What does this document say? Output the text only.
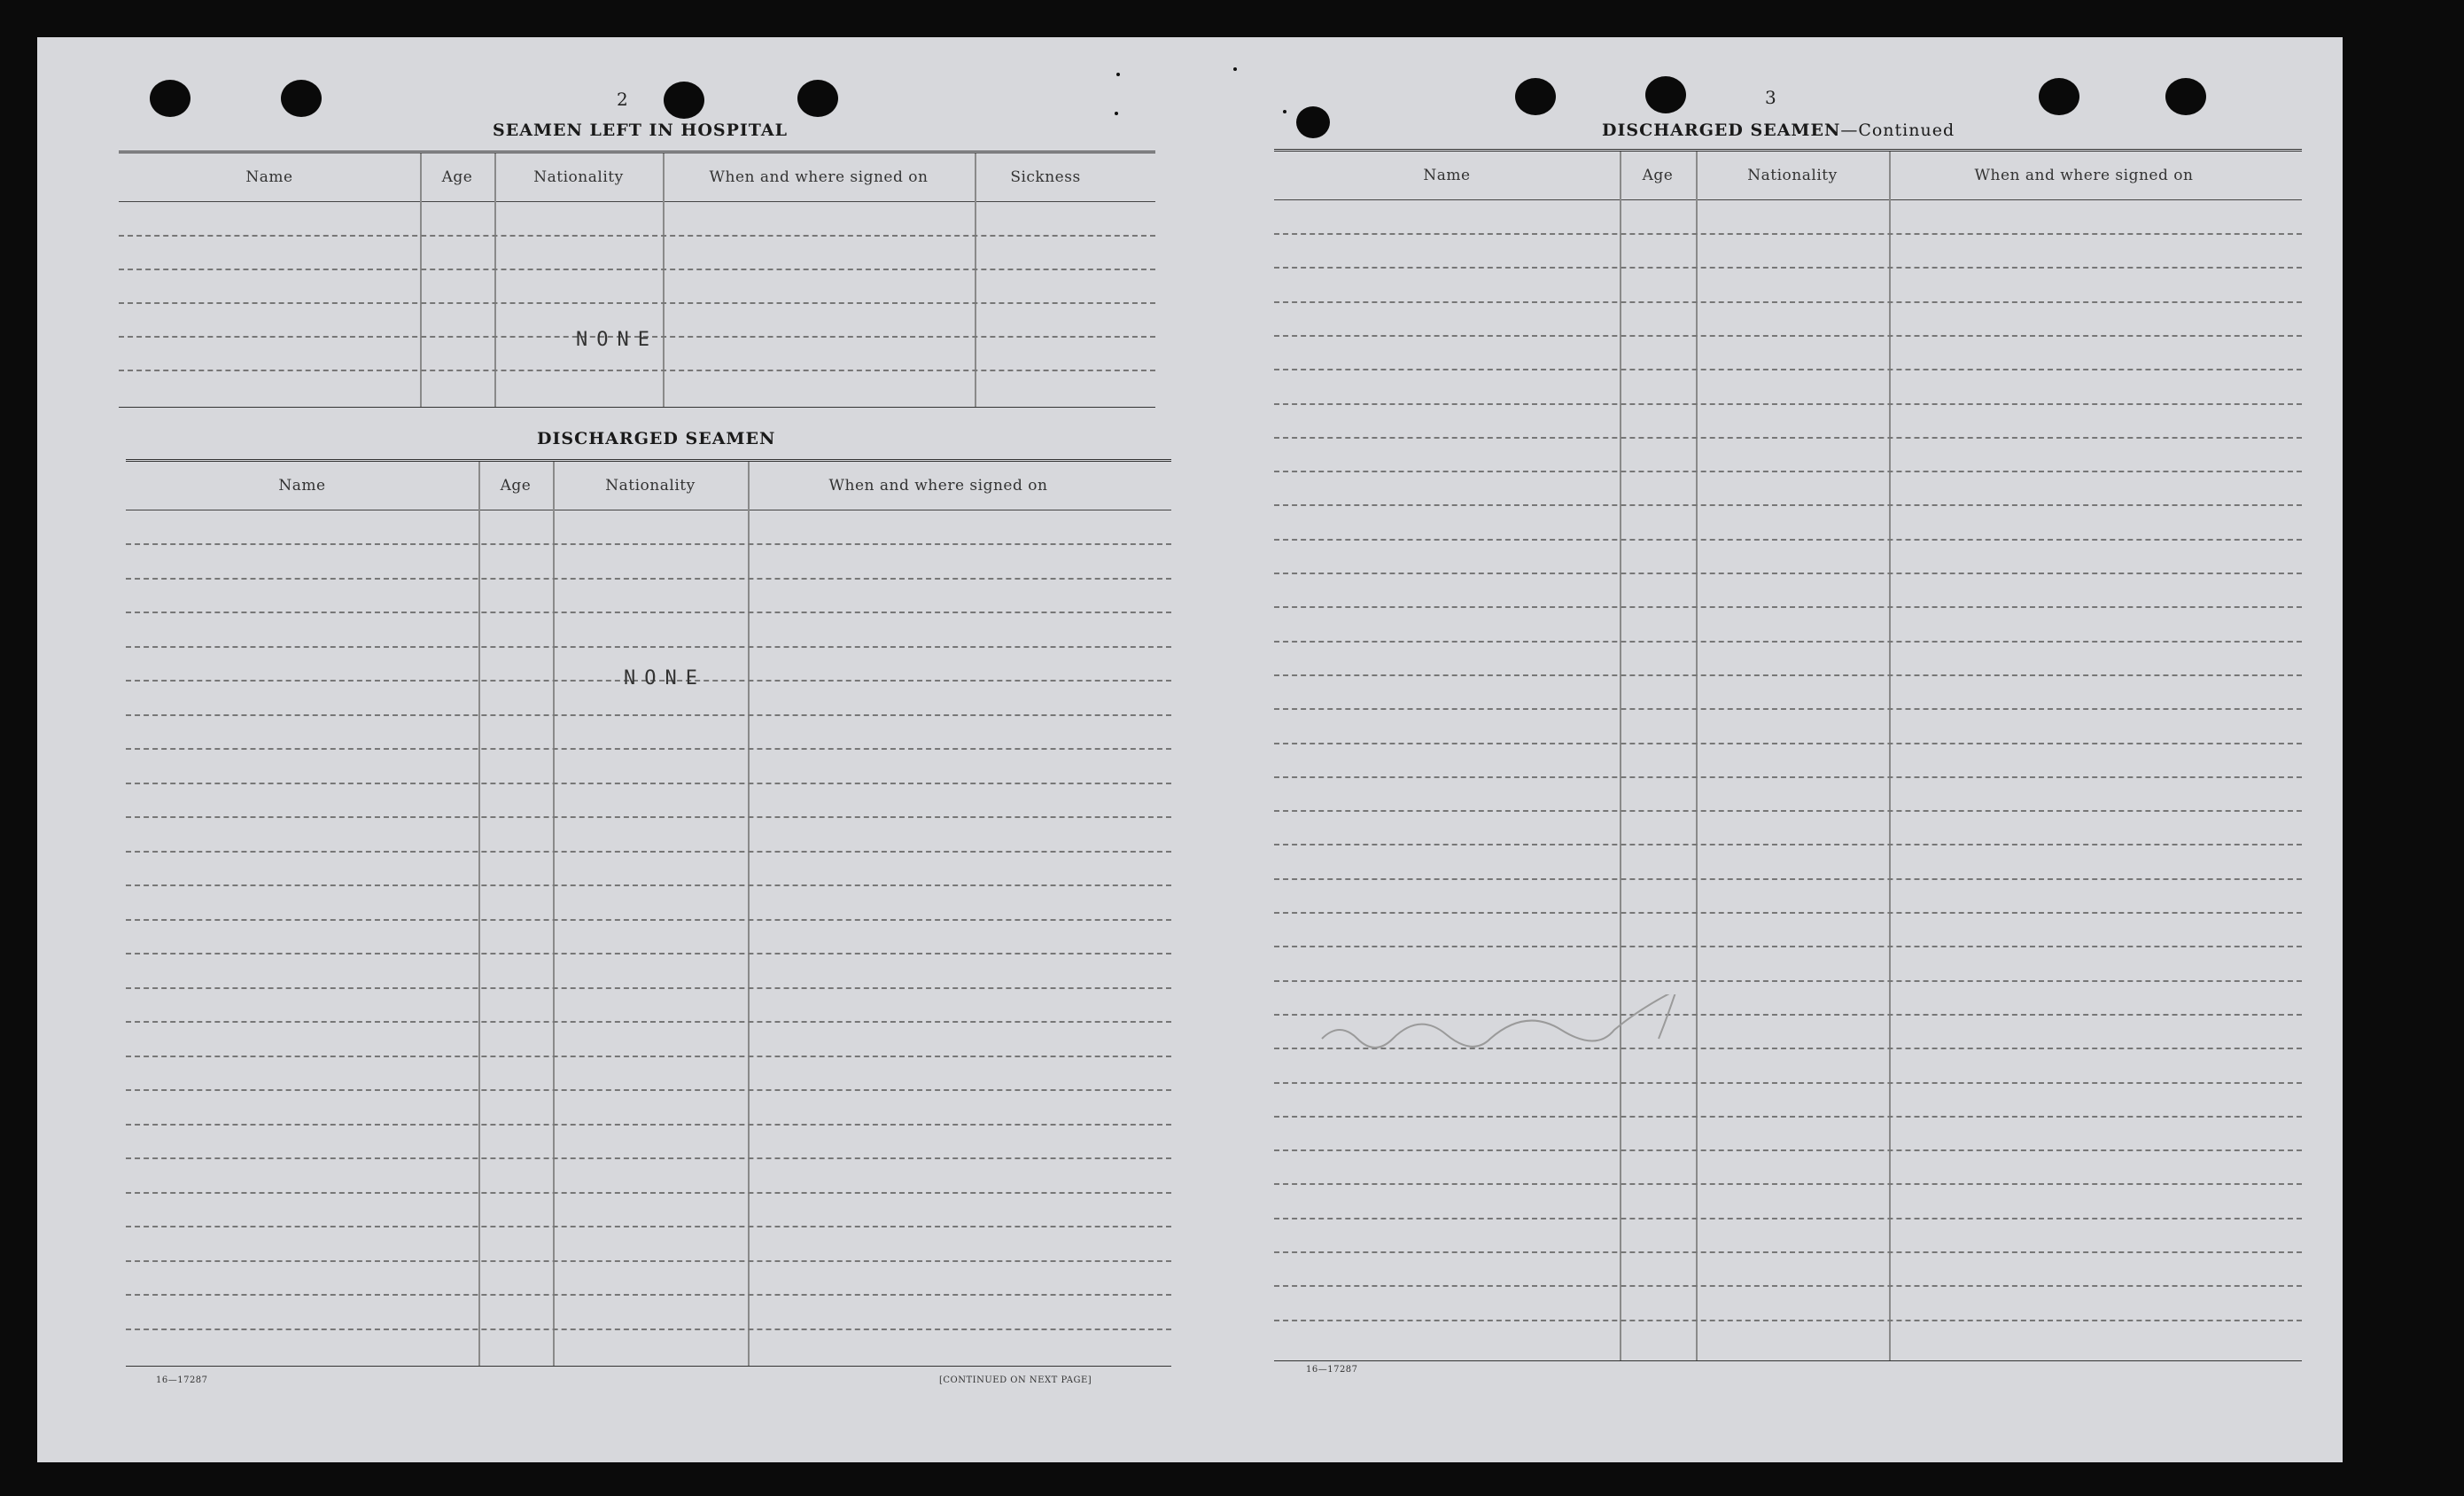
2
SEAMEN LEFT IN HOSPITAL
Name	Age	Nationality	When and where signed on	Sickness
NONE
DISCHARGED SEAMEN
Name	Age	Nationality	When and where signed on
NONE
16—17287	[CONTINUED ON NEXT PAGE]
3
DISCHARGED SEAMEN—Continued
Name	Age	Nationality	When and where signed on
16—17287
